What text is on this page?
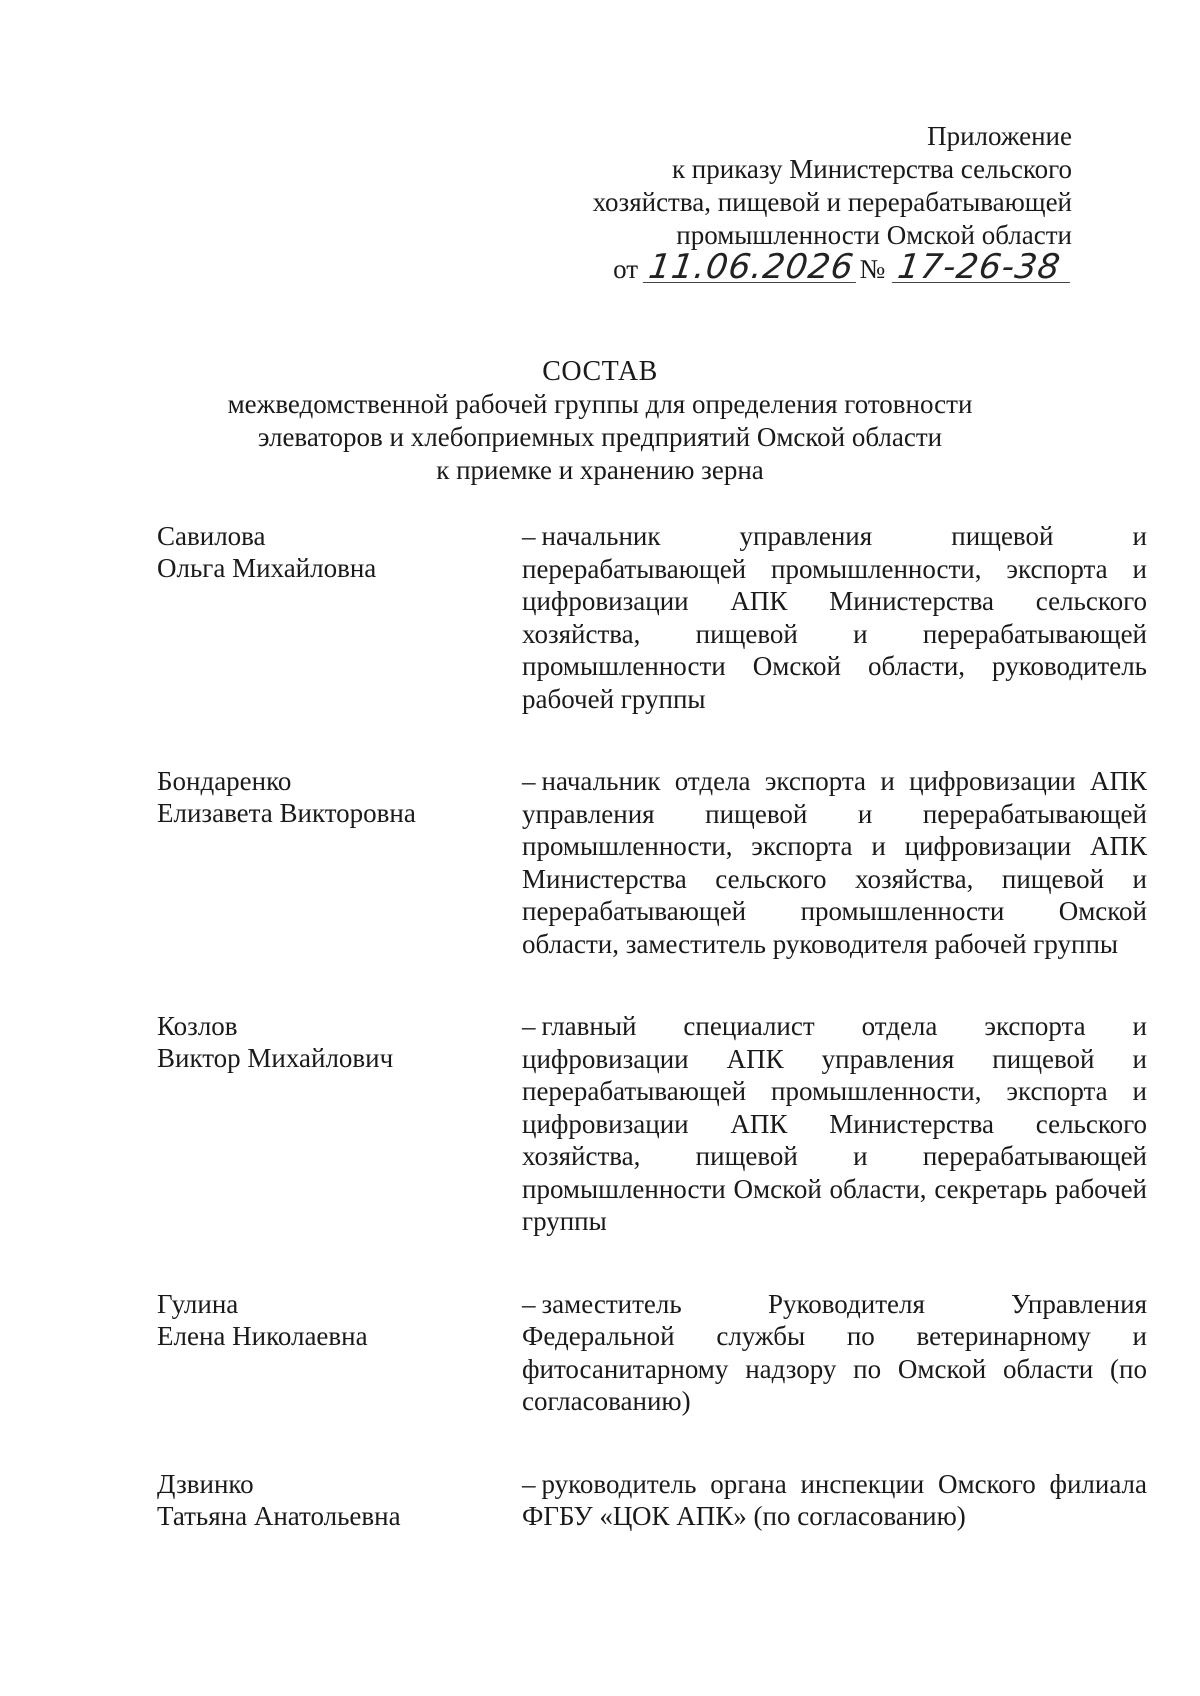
Приложение
к приказу Министерства сельского
хозяйства, пищевой и перерабатывающей
промышленности Омской области
от 11.06.2026 № 17-26-38
СОСТАВ
межведомственной рабочей группы для определения готовности
элеваторов и хлебоприемных предприятий Омской области
к приемке и хранению зерна
Савилова
Ольга Михайловна
– начальник управления пищевой и перерабатывающей промышленности, экспорта и цифровизации АПК Министерства сельского хозяйства, пищевой и перерабатывающей промышленности Омской области, руководитель рабочей группы
Бондаренко
Елизавета Викторовна
– начальник отдела экспорта и цифровизации АПК управления пищевой и перерабатывающей промышленности, экспорта и цифровизации АПК Министерства сельского хозяйства, пищевой и перерабатывающей промышленности Омской области, заместитель руководителя рабочей группы
Козлов
Виктор Михайлович
– главный специалист отдела экспорта и цифровизации АПК управления пищевой и перерабатывающей промышленности, экспорта и цифровизации АПК Министерства сельского хозяйства, пищевой и перерабатывающей промышленности Омской области, секретарь рабочей группы
Гулина
Елена Николаевна
– заместитель Руководителя Управления Федеральной службы по ветеринарному и фитосанитарному надзору по Омской области (по согласованию)
Дзвинко
Татьяна Анатольевна
– руководитель органа инспекции Омского филиала ФГБУ «ЦОК АПК» (по согласованию)
